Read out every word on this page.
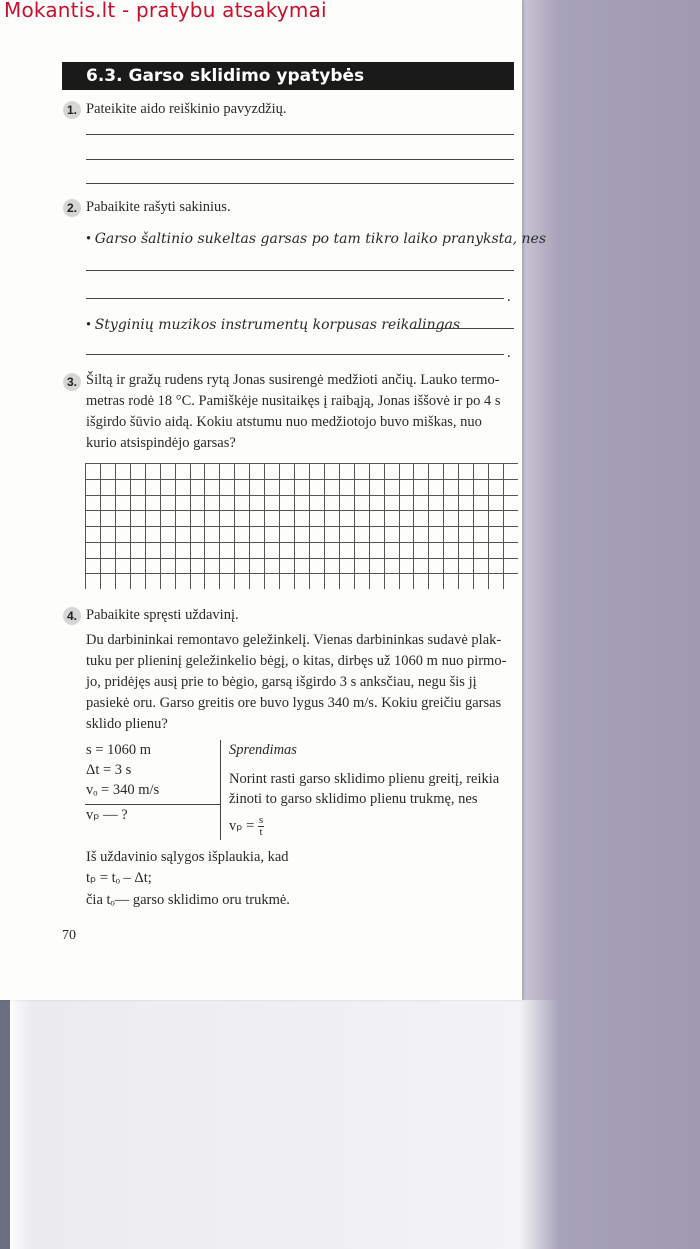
Mokantis.lt - pratybu atsakymai
6.3. Garso sklidimo ypatybės
1. Pateikite aido reiškinio pavyzdžių.
2. Pabaikite rašyti sakinius.
• Garso šaltinio sukeltas garsas po tam tikro laiko pranyksta, nes
.
• Styginių muzikos instrumentų korpusas reikalingas
.
3. Šiltą ir gražų rudens rytą Jonas susirengė medžioti ančių. Lauko termo-
metras rodė 18 °C. Pamiškėje nusitaikęs į raibąją, Jonas iššovė ir po 4 s
išgirdo šūvio aidą. Kokiu atstumu nuo medžiotojo buvo miškas, nuo
kurio atsispindėjo garsas?
4. Pabaikite spręsti uždavinį.
Du darbininkai remontavo geležinkelį. Vienas darbininkas sudavė plak-
tuku per plieninį geležinkelio bėgį, o kitas, dirbęs už 1060 m nuo pirmo-
jo, pridėjęs ausį prie to bėgio, garsą išgirdo 3 s anksčiau, negu šis jį
pasiekė oru. Garso greitis ore buvo lygus 340 m/s. Kokiu greičiu garsas
sklido plienu?
s = 1060 m
Δt = 3 s
vₒ = 340 m/s
vₚ — ?
Sprendimas
Norint rasti garso sklidimo plienu greitį, reikia
žinoti to garso sklidimo plienu trukmę, nes
$v_p = \frac{s}{t}$
Iš uždavinio sąlygos išplaukia, kad
tₚ = tₒ – Δt;
čia tₒ— garso sklidimo oru trukmė.
70
